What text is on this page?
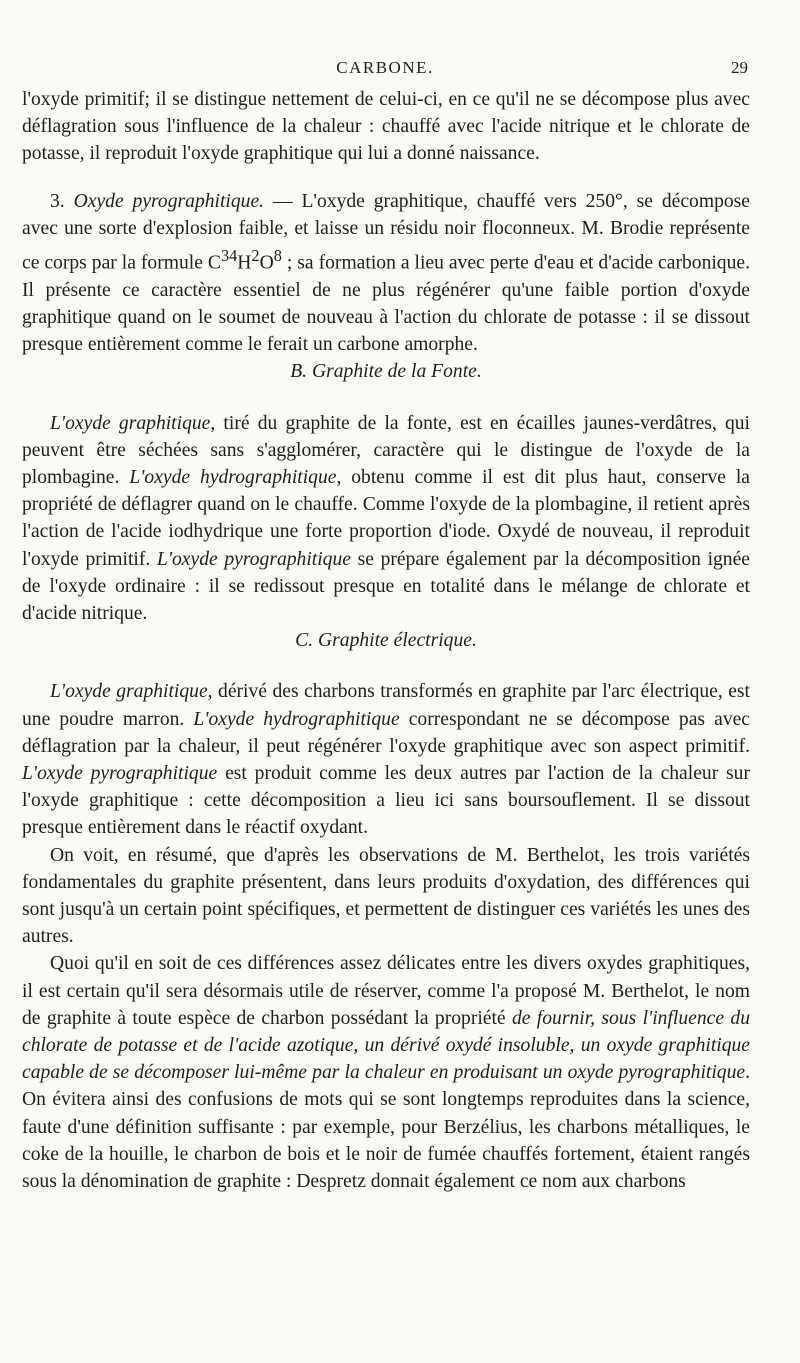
CARBONE.	29

l'oxyde primitif; il se distingue nettement de celui-ci, en ce qu'il ne se décompose plus avec déflagration sous l'influence de la chaleur : chauffé avec l'acide nitrique et le chlorate de potasse, il reproduit l'oxyde graphitique qui lui a donné naissance.

3. Oxyde pyrographitique. — L'oxyde graphitique, chauffé vers 250°, se décompose avec une sorte d'explosion faible, et laisse un résidu noir floconneux. M. Brodie représente ce corps par la formule $C^{34}H^2O^8$ ; sa formation a lieu avec perte d'eau et d'acide carbonique. Il présente ce caractère essentiel de ne plus régénérer qu'une faible portion d'oxyde graphitique quand on le soumet de nouveau à l'action du chlorate de potasse : il se dissout presque entièrement comme le ferait un carbone amorphe.

B. Graphite de la Fonte.

L'oxyde graphitique, tiré du graphite de la fonte, est en écailles jaunes-verdâtres, qui peuvent être séchées sans s'agglomérer, caractère qui le distingue de l'oxyde de la plombagine. L'oxyde hydrographitique, obtenu comme il est dit plus haut, conserve la propriété de déflagrer quand on le chauffe. Comme l'oxyde de la plombagine, il retient après l'action de l'acide iodhydrique une forte proportion d'iode. Oxydé de nouveau, il reproduit l'oxyde primitif. L'oxyde pyrographitique se prépare également par la décomposition ignée de l'oxyde ordinaire : il se redissout presque en totalité dans le mélange de chlorate et d'acide nitrique.

C. Graphite électrique.

L'oxyde graphitique, dérivé des charbons transformés en graphite par l'arc électrique, est une poudre marron. L'oxyde hydrographitique correspondant ne se décompose pas avec déflagration par la chaleur, il peut régénérer l'oxyde graphitique avec son aspect primitif. L'oxyde pyrographitique est produit comme les deux autres par l'action de la chaleur sur l'oxyde graphitique : cette décomposition a lieu ici sans boursouflement. Il se dissout presque entièrement dans le réactif oxydant.

On voit, en résumé, que d'après les observations de M. Berthelot, les trois variétés fondamentales du graphite présentent, dans leurs produits d'oxydation, des différences qui sont jusqu'à un certain point spécifiques, et permettent de distinguer ces variétés les unes des autres.

Quoi qu'il en soit de ces différences assez délicates entre les divers oxydes graphitiques, il est certain qu'il sera désormais utile de réserver, comme l'a proposé M. Berthelot, le nom de graphite à toute espèce de charbon possédant la propriété de fournir, sous l'influence du chlorate de potasse et de l'acide azotique, un dérivé oxydé insoluble, un oxyde graphitique capable de se décomposer lui-même par la chaleur en produisant un oxyde pyrographitique. On évitera ainsi des confusions de mots qui se sont longtemps reproduites dans la science, faute d'une définition suffisante : par exemple, pour Berzélius, les charbons métalliques, le coke de la houille, le charbon de bois et le noir de fumée chauffés fortement, étaient rangés sous la dénomination de graphite : Despretz donnait également ce nom aux charbons
